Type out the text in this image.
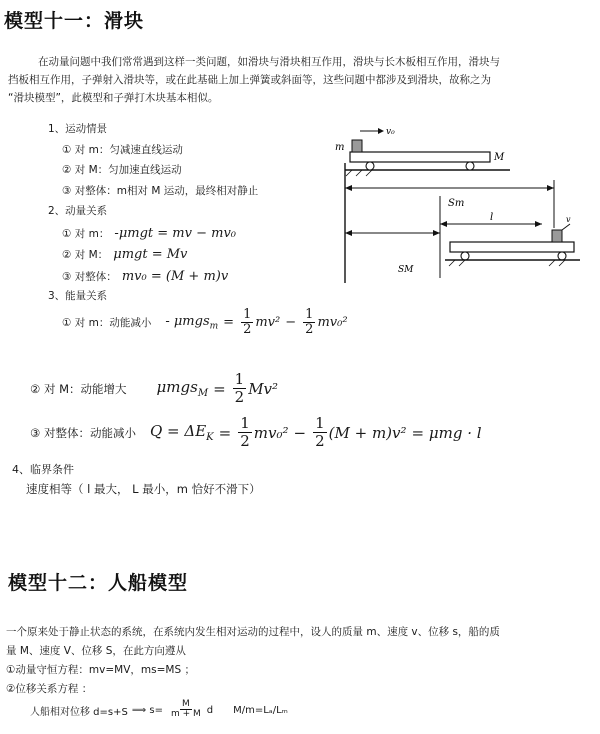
模型十一：滑块
在动量问题中我们常常遇到这样一类问题，如滑块与滑块相互作用，滑块与长木板相互作用，滑块与
挡板相互作用，子弹射入滑块等，或在此基础上加上弹簧或斜面等，这些问题中都涉及到滑块，故称之为
“滑块模型”，此模型和子弹打木块基本相似。
1、运动情景
① 对 m：匀减速直线运动
② 对 M：匀加速直线运动
③ 对整体：m相对 M 运动，最终相对静止
2、动量关系
① 对 m： -μmgt = mv − mv₀
② 对 M： μmgt = Mv
③ 对整体： mv₀ = (M + m)v
3、能量关系
① 对 m：动能减小 - $\mu mgs_m = \frac{1}{2} mv^2 - \frac{1}{2} mv_0^2$
② 对 M：动能增大 $\mu mgs_M = \frac{1}{2} Mv^2$
③ 对整体：动能减小 $Q = \Delta E_K = \frac{1}{2} mv_0^2 - \frac{1}{2} (M + m)v^2 = \mu mg \cdot l$
4、临界条件
速度相等（ l 最大， L 最小，m 恰好不滑下）
v₀
m
M
Sm
l	v
SM
模型十二：人船模型
一个原来处于静止状态的系统，在系统内发生相对运动的过程中，设人的质量 m、速度 v、位移 s，船的质
量 M、速度 V、位移 S，在此方向遵从
①动量守恒方程：mv=MV，ms=MS ；
②位移关系方程 ：
人船相对位移 d=s+S ⟹ $s= \frac{M}{m + M}$ d M/m=Lₐ/Lₘ
